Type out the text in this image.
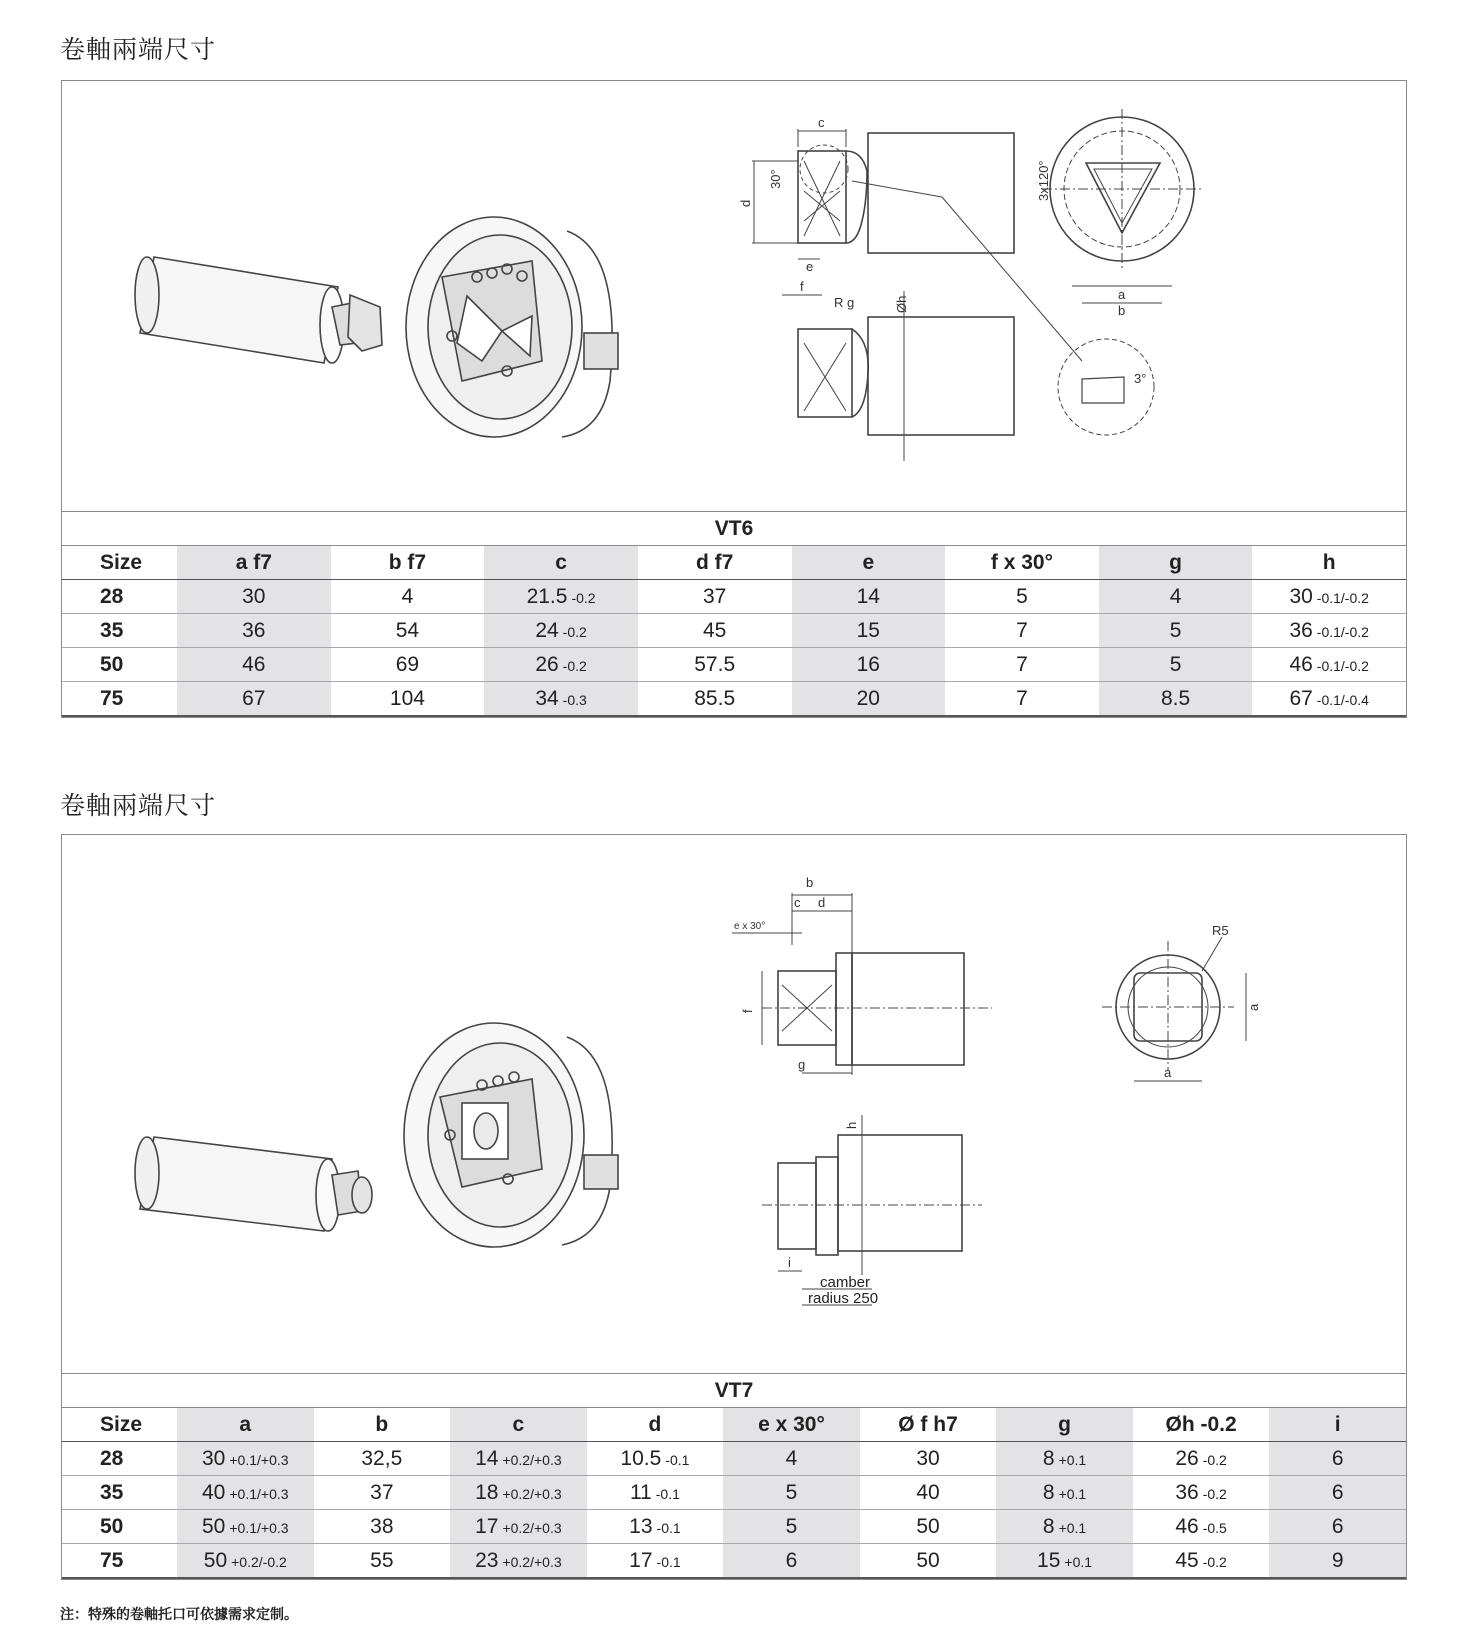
卷軸兩端尺寸
c
d
e
30°
f
R g	Øh
a
b
3x120°
3°
VT6								
Size	a f7	b f7	c	d f7	e	f x 30°	g	h
28	30	4	21.5 -0.2	37	14	5	4	30 -0.1/-0.2
35	36	54	24 -0.2	45	15	7	5	36 -0.1/-0.2
50	46	69	26 -0.2	57.5	16	7	5	46 -0.1/-0.2
75	67	104	34 -0.3	85.5	20	7	8.5	67 -0.1/-0.4
卷軸兩端尺寸
b
c d
e x 30°
f
g
R5
a
a
h
i
camber
radius 250
VT7									
Size	a	b	c	d	e x 30°	Ø f h7	g	Øh -0.2	i
28	30 +0.1/+0.3	32,5	14 +0.2/+0.3	10.5 -0.1	4	30	8 +0.1	26 -0.2	6
35	40 +0.1/+0.3	37	18 +0.2/+0.3	11 -0.1	5	40	8 +0.1	36 -0.2	6
50	50 +0.1/+0.3	38	17 +0.2/+0.3	13 -0.1	5	50	8 +0.1	46 -0.5	6
75	50 +0.2/-0.2	55	23 +0.2/+0.3	17 -0.1	6	50	15 +0.1	45 -0.2	9
注：特殊的卷軸托口可依據需求定制。
